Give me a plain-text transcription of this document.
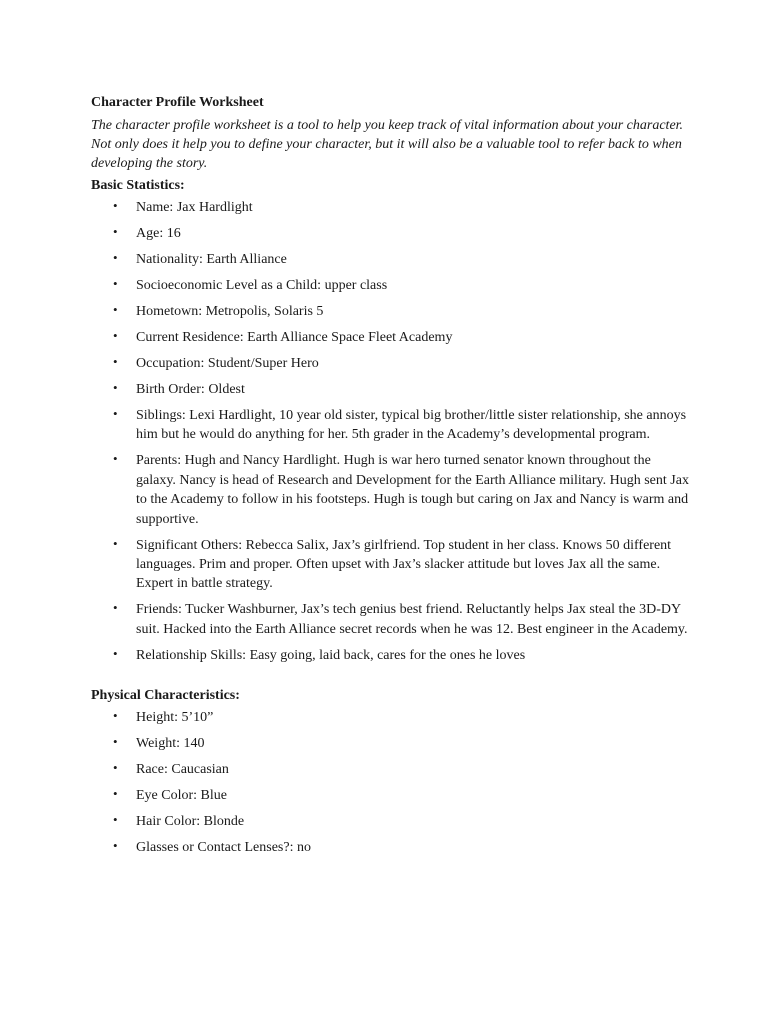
Character Profile Worksheet
The character profile worksheet is a tool to help you keep track of vital information about your character. Not only does it help you to define your character, but it will also be a valuable tool to refer back to when developing the story.
Basic Statistics:
• Name: Jax Hardlight
• Age: 16
• Nationality: Earth Alliance
• Socioeconomic Level as a Child: upper class
• Hometown: Metropolis, Solaris 5
• Current Residence: Earth Alliance Space Fleet Academy
• Occupation: Student/Super Hero
• Birth Order: Oldest
• Siblings: Lexi Hardlight, 10 year old sister, typical big brother/little sister relationship, she annoys him but he would do anything for her. 5th grader in the Academy’s developmental program.
• Parents: Hugh and Nancy Hardlight. Hugh is war hero turned senator known throughout the galaxy. Nancy is head of Research and Development for the Earth Alliance military. Hugh sent Jax to the Academy to follow in his footsteps. Hugh is tough but caring on Jax and Nancy is warm and supportive.
• Significant Others: Rebecca Salix, Jax’s girlfriend. Top student in her class. Knows 50 different languages. Prim and proper. Often upset with Jax’s slacker attitude but loves Jax all the same. Expert in battle strategy.
• Friends: Tucker Washburner, Jax’s tech genius best friend. Reluctantly helps Jax steal the 3D-DY suit. Hacked into the Earth Alliance secret records when he was 12. Best engineer in the Academy.
• Relationship Skills: Easy going, laid back, cares for the ones he loves
Physical Characteristics:
• Height: 5’10”
• Weight: 140
• Race: Caucasian
• Eye Color: Blue
• Hair Color: Blonde
• Glasses or Contact Lenses?: no
